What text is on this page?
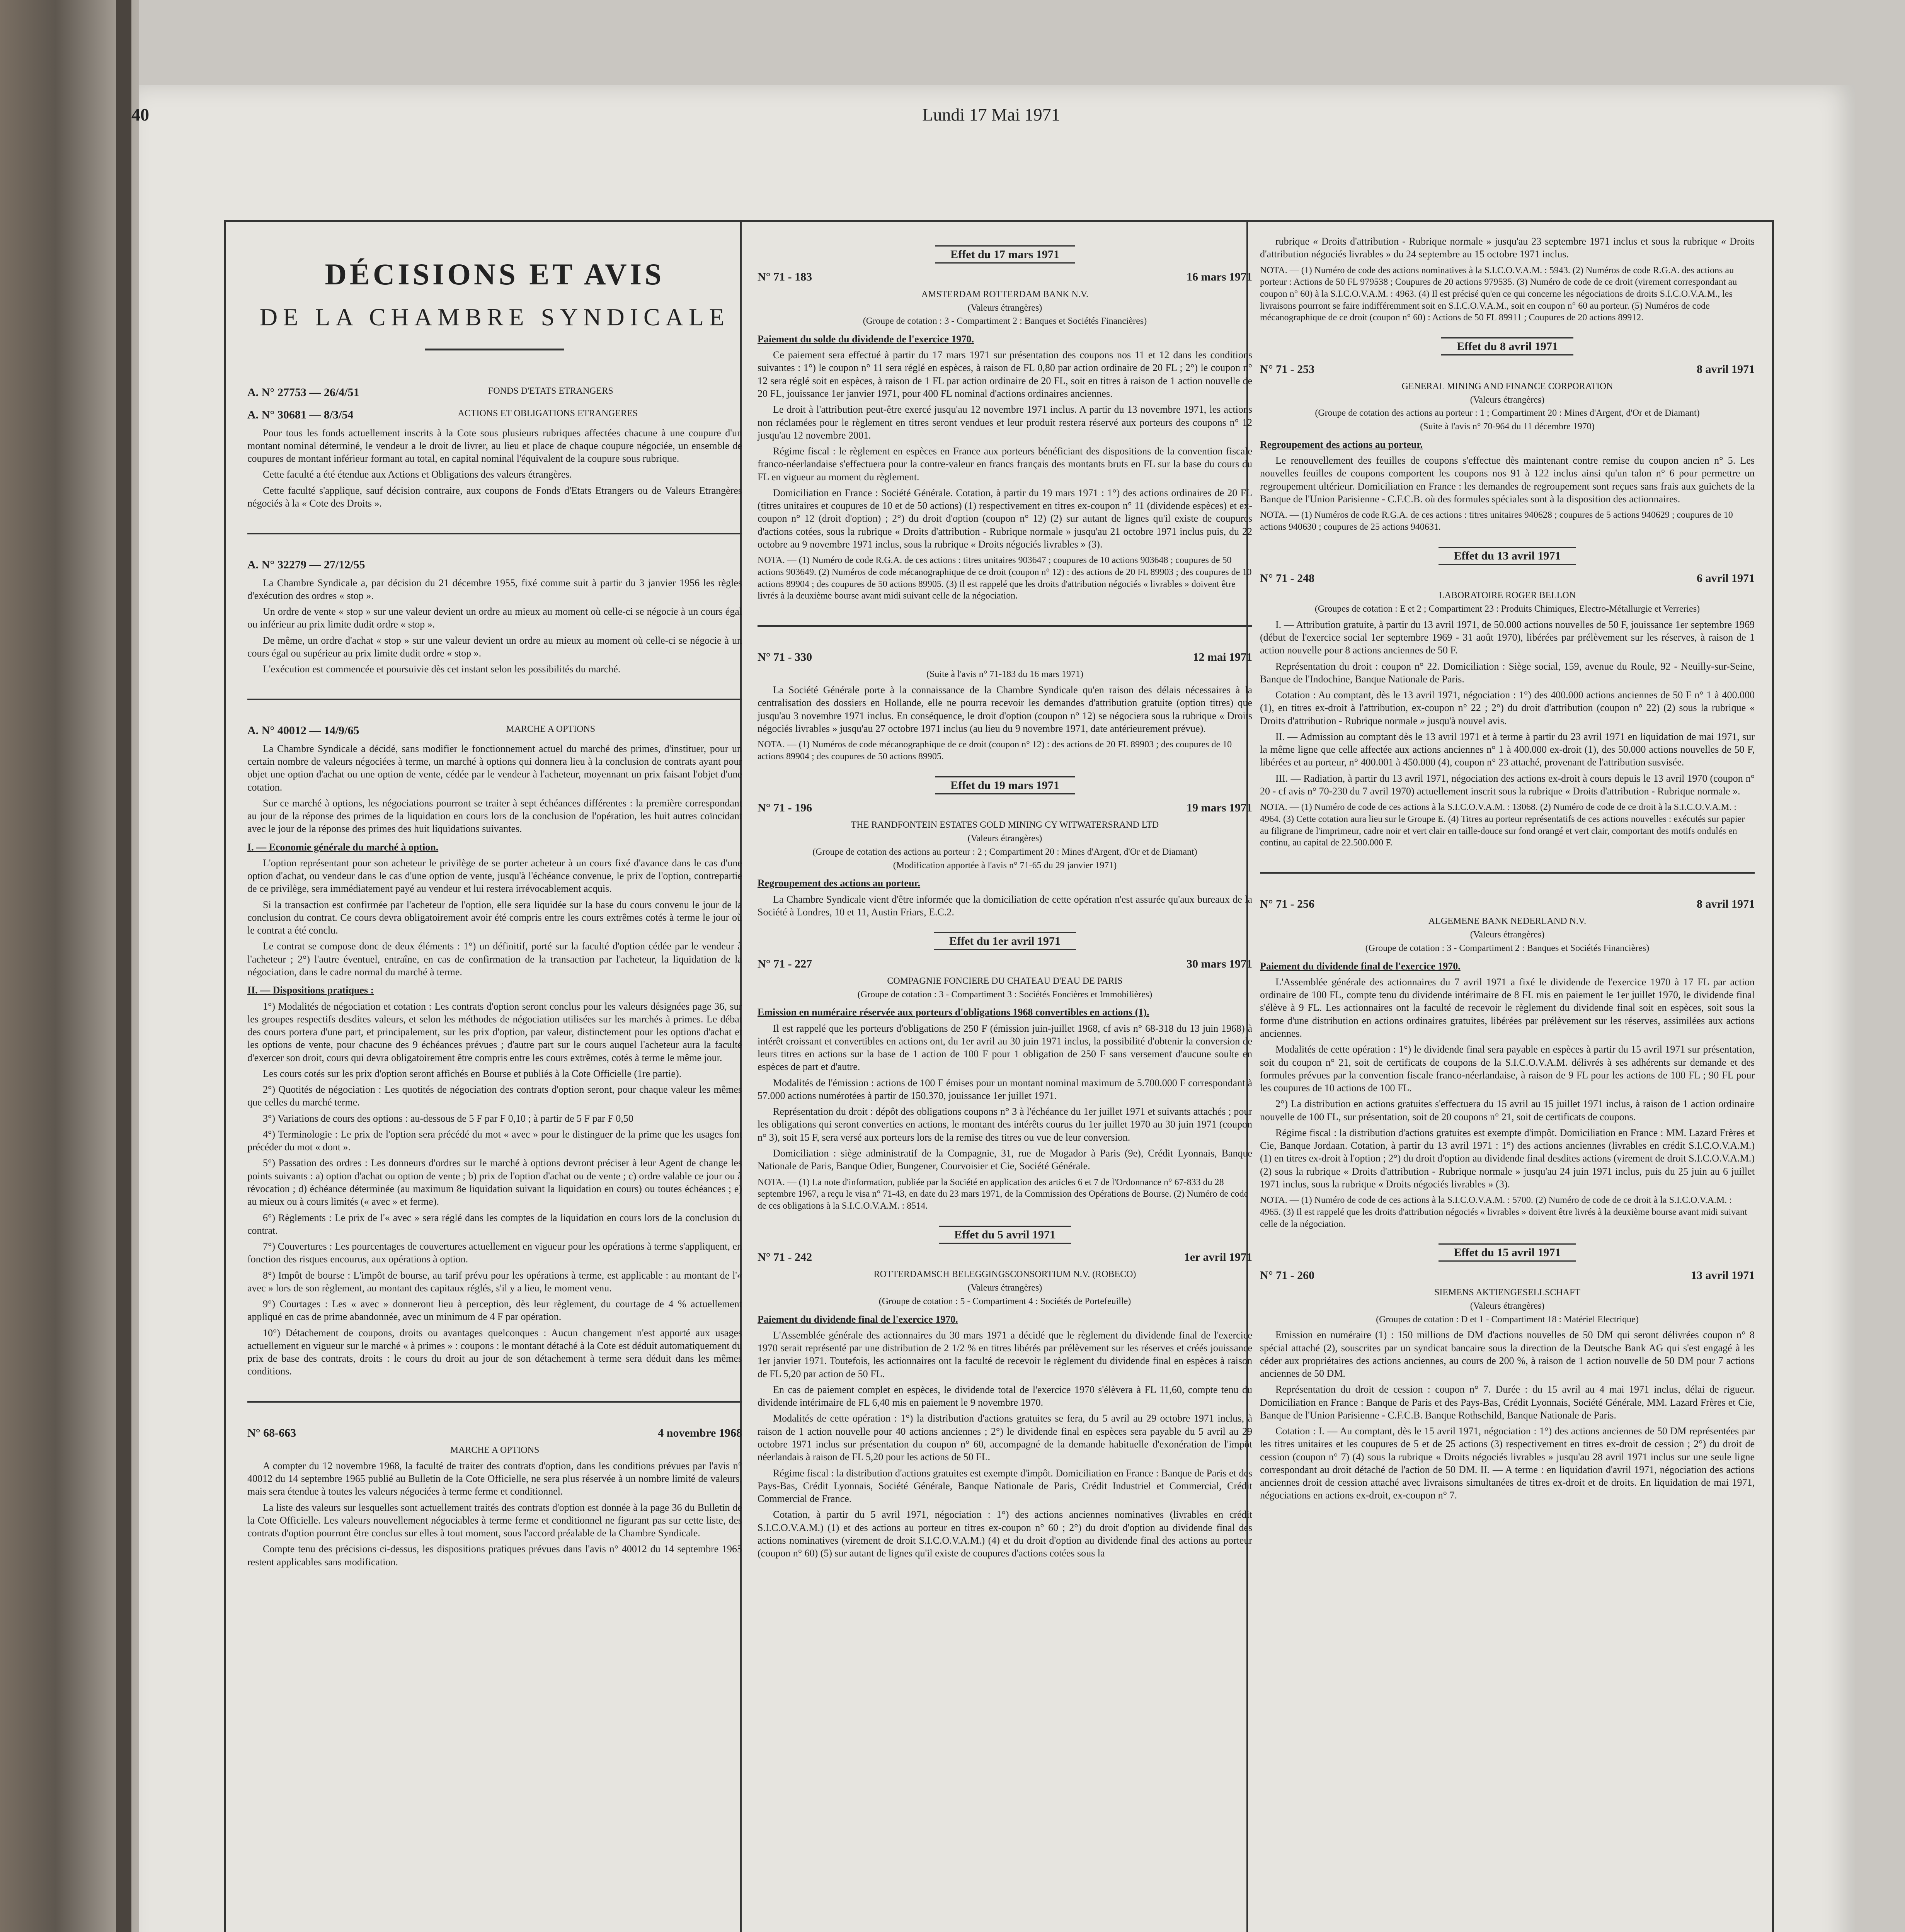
40	Lundi 17 Mai 1971
DÉCISIONS ET AVIS
DE LA CHAMBRE SYNDICALE
A. N° 27753 — 26/4/51	FONDS D'ETATS ETRANGERS
A. N° 30681 — 8/3/54	ACTIONS ET OBLIGATIONS ETRANGERES

Pour tous les fonds actuellement inscrits à la Cote sous plusieurs rubriques affectées chacune à une coupure d'un montant nominal déterminé, le vendeur a le droit de livrer, au lieu et place de chaque coupure négociée, un ensemble de coupures de montant inférieur formant au total, en capital nominal l'équivalent de la coupure sous rubrique.

Cette faculté a été étendue aux Actions et Obligations des valeurs étrangères.

Cette faculté s'applique, sauf décision contraire, aux coupons de Fonds d'Etats Etrangers ou de Valeurs Etrangères négociés à la « Cote des Droits ».

A. N° 32279 — 27/12/55

La Chambre Syndicale a, par décision du 21 décembre 1955, fixé comme suit à partir du 3 janvier 1956 les règles d'exécution des ordres « stop ».

Un ordre de vente « stop » sur une valeur devient un ordre au mieux au moment où celle-ci se négocie à un cours égal ou inférieur au prix limite dudit ordre « stop ».

De même, un ordre d'achat « stop » sur une valeur devient un ordre au mieux au moment où celle-ci se négocie à un cours égal ou supérieur au prix limite dudit ordre « stop ».

L'exécution est commencée et poursuivie dès cet instant selon les possibilités du marché.

A. N° 40012 — 14/9/65	MARCHE A OPTIONS

La Chambre Syndicale a décidé, sans modifier le fonctionnement actuel du marché des primes, d'instituer, pour un certain nombre de valeurs négociées à terme, un marché à options qui donnera lieu à la conclusion de contrats ayant pour objet une option d'achat ou une option de vente, cédée par le vendeur à l'acheteur, moyennant un prix faisant l'objet d'une cotation.

Sur ce marché à options, les négociations pourront se traiter à sept échéances différentes : la première correspondant au jour de la réponse des primes de la liquidation en cours lors de la conclusion de l'opération, les huit autres coïncidant avec le jour de la réponse des primes des huit liquidations suivantes.

I. — Economie générale du marché à option.

L'option représentant pour son acheteur le privilège de se porter acheteur à un cours fixé d'avance dans le cas d'une option d'achat, ou vendeur dans le cas d'une option de vente, jusqu'à l'échéance convenue, le prix de l'option, contrepartie de ce privilège, sera immédiatement payé au vendeur et lui restera irrévocablement acquis.

Si la transaction est confirmée par l'acheteur de l'option, elle sera liquidée sur la base du cours convenu le jour de la conclusion du contrat. Ce cours devra obligatoirement avoir été compris entre les cours extrêmes cotés à terme le jour où le contrat a été conclu.

Le contrat se compose donc de deux éléments : 1°) un définitif, porté sur la faculté d'option cédée par le vendeur à l'acheteur ; 2°) l'autre éventuel, entraîne, en cas de confirmation de la transaction par l'acheteur, la liquidation de la négociation, dans le cadre normal du marché à terme.

II. — Dispositions pratiques :

1°) Modalités de négociation et cotation : Les contrats d'option seront conclus pour les valeurs désignées page 36, sur les groupes respectifs desdites valeurs, et selon les méthodes de négociation utilisées sur les marchés à primes. Le débat des cours portera d'une part, et principalement, sur les prix d'option, par valeur, distinctement pour les options d'achat et les options de vente, pour chacune des 9 échéances prévues ; d'autre part sur le cours auquel l'acheteur aura la faculté d'exercer son droit, cours qui devra obligatoirement être compris entre les cours extrêmes, cotés à terme le même jour.

Les cours cotés sur les prix d'option seront affichés en Bourse et publiés à la Cote Officielle (1re partie).

2°) Quotités de négociation : Les quotités de négociation des contrats d'option seront, pour chaque valeur les mêmes que celles du marché terme.

3°) Variations de cours des options : au-dessous de 5 F par F 0,10 ; à partir de 5 F par F 0,50

4°) Terminologie : Le prix de l'option sera précédé du mot « avec » pour le distinguer de la prime que les usages font précéder du mot « dont ».

5°) Passation des ordres : Les donneurs d'ordres sur le marché à options devront préciser à leur Agent de change les points suivants : a) option d'achat ou option de vente ; b) prix de l'option d'achat ou de vente ; c) ordre valable ce jour ou à révocation ; d) échéance déterminée (au maximum 8e liquidation suivant la liquidation en cours) ou toutes échéances ; e) au mieux ou à cours limités (« avec » et ferme).

6°) Règlements : Le prix de l'« avec » sera réglé dans les comptes de la liquidation en cours lors de la conclusion du contrat.

7°) Couvertures : Les pourcentages de couvertures actuellement en vigueur pour les opérations à terme s'appliquent, en fonction des risques encourus, aux opérations à option.

8°) Impôt de bourse : L'impôt de bourse, au tarif prévu pour les opérations à terme, est applicable : au montant de l'« avec » lors de son règlement, au montant des capitaux réglés, s'il y a lieu, le moment venu.

9°) Courtages : Les « avec » donneront lieu à perception, dès leur règlement, du courtage de 4 % actuellement appliqué en cas de prime abandonnée, avec un minimum de 4 F par opération.

10°) Détachement de coupons, droits ou avantages quelconques : Aucun changement n'est apporté aux usages actuellement en vigueur sur le marché « à primes » : coupons : le montant détaché à la Cote est déduit automatiquement du prix de base des contrats, droits : le cours du droit au jour de son détachement à terme sera déduit dans les mêmes conditions.

N° 68-663	4 novembre 1968
MARCHE A OPTIONS

A compter du 12 novembre 1968, la faculté de traiter des contrats d'option, dans les conditions prévues par l'avis n° 40012 du 14 septembre 1965 publié au Bulletin de la Cote Officielle, ne sera plus réservée à un nombre limité de valeurs, mais sera étendue à toutes les valeurs négociées à terme ferme et conditionnel.

La liste des valeurs sur lesquelles sont actuellement traités des contrats d'option est donnée à la page 36 du Bulletin de la Cote Officielle. Les valeurs nouvellement négociables à terme ferme et conditionnel ne figurant pas sur cette liste, des contrats d'option pourront être conclus sur elles à tout moment, sous l'accord préalable de la Chambre Syndicale.

Compte tenu des précisions ci-dessus, les dispositions pratiques prévues dans l'avis n° 40012 du 14 septembre 1965 restent applicables sans modification.

Effet du 17 mars 1971
N° 71 - 183	16 mars 1971
AMSTERDAM ROTTERDAM BANK N.V.
(Valeurs étrangères)
(Groupe de cotation : 3 - Compartiment 2 : Banques et Sociétés Financières)
Paiement du solde du dividende de l'exercice 1970.

Ce paiement sera effectué à partir du 17 mars 1971 sur présentation des coupons nos 11 et 12 dans les conditions suivantes : 1°) le coupon n° 11 sera réglé en espèces, à raison de FL 0,80 par action ordinaire de 20 FL ; 2°) le coupon n° 12 sera réglé soit en espèces, à raison de 1 FL par action ordinaire de 20 FL, soit en titres à raison de 1 action nouvelle de 20 FL, jouissance 1er janvier 1971, pour 400 FL nominal d'actions ordinaires anciennes.

Le droit à l'attribution peut-être exercé jusqu'au 12 novembre 1971 inclus. A partir du 13 novembre 1971, les actions non réclamées pour le règlement en titres seront vendues et leur produit restera réservé aux porteurs des coupons n° 12 jusqu'au 12 novembre 2001.

Régime fiscal : le règlement en espèces en France aux porteurs bénéficiant des dispositions de la convention fiscale franco-néerlandaise s'effectuera pour la contre-valeur en francs français des montants bruts en FL sur la base du cours du FL en vigueur au moment du règlement.

Domiciliation en France : Société Générale. Cotation, à partir du 19 mars 1971 : 1°) des actions ordinaires de 20 FL (titres unitaires et coupures de 10 et de 50 actions) (1) respectivement en titres ex-coupon n° 11 (dividende espèces) et ex-coupon n° 12 (droit d'option) ; 2°) du droit d'option (coupon n° 12) (2) sur autant de lignes qu'il existe de coupures d'actions cotées, sous la rubrique « Droits d'attribution - Rubrique normale » jusqu'au 21 octobre 1971 inclus puis, du 22 octobre au 9 novembre 1971 inclus, sous la rubrique « Droits négociés livrables » (3).

NOTA. — (1) Numéro de code R.G.A. de ces actions : titres unitaires 903647 ; coupures de 10 actions 903648 ; coupures de 50 actions 903649. (2) Numéros de code mécanographique de ce droit (coupon n° 12) : des actions de 20 FL 89903 ; des coupures de 10 actions 89904 ; des coupures de 50 actions 89905. (3) Il est rappelé que les droits d'attribution négociés « livrables » doivent être livrés à la deuxième bourse avant midi suivant celle de la négociation.
N° 71 - 330	12 mai 1971
(Suite à l'avis n° 71-183 du 16 mars 1971)

La Société Générale porte à la connaissance de la Chambre Syndicale qu'en raison des délais nécessaires à la centralisation des dossiers en Hollande, elle ne pourra recevoir les demandes d'attribution gratuite (option titres) que jusqu'au 3 novembre 1971 inclus. En conséquence, le droit d'option (coupon n° 12) se négociera sous la rubrique « Droits négociés livrables » jusqu'au 27 octobre 1971 inclus (au lieu du 9 novembre 1971, date antérieurement prévue).

NOTA. — (1) Numéros de code mécanographique de ce droit (coupon n° 12) : des actions de 20 FL 89903 ; des coupures de 10 actions 89904 ; des coupures de 50 actions 89905.
Effet du 19 mars 1971
N° 71 - 196	19 mars 1971
THE RANDFONTEIN ESTATES GOLD MINING CY WITWATERSRAND LTD
(Valeurs étrangères)
(Groupe de cotation des actions au porteur : 2 ; Compartiment 20 : Mines d'Argent, d'Or et de Diamant)
(Modification apportée à l'avis n° 71-65 du 29 janvier 1971)
Regroupement des actions au porteur.

La Chambre Syndicale vient d'être informée que la domiciliation de cette opération n'est assurée qu'aux bureaux de la Société à Londres, 10 et 11, Austin Friars, E.C.2.

Effet du 1er avril 1971
N° 71 - 227	30 mars 1971
COMPAGNIE FONCIERE DU CHATEAU D'EAU DE PARIS
(Groupe de cotation : 3 - Compartiment 3 : Sociétés Foncières et Immobilières)
Emission en numéraire réservée aux porteurs d'obligations 1968 convertibles en actions (1).

Il est rappelé que les porteurs d'obligations de 250 F (émission juin-juillet 1968, cf avis n° 68-318 du 13 juin 1968) à intérêt croissant et convertibles en actions ont, du 1er avril au 30 juin 1971 inclus, la possibilité d'obtenir la conversion de leurs titres en actions sur la base de 1 action de 100 F pour 1 obligation de 250 F sans versement d'aucune soulte en espèces de part et d'autre.

Modalités de l'émission : actions de 100 F émises pour un montant nominal maximum de 5.700.000 F correspondant à 57.000 actions numérotées à partir de 150.370, jouissance 1er juillet 1971.

Représentation du droit : dépôt des obligations coupons n° 3 à l'échéance du 1er juillet 1971 et suivants attachés ; pour les obligations qui seront converties en actions, le montant des intérêts courus du 1er juillet 1970 au 30 juin 1971 (coupon n° 3), soit 15 F, sera versé aux porteurs lors de la remise des titres ou vue de leur conversion.

Domiciliation : siège administratif de la Compagnie, 31, rue de Mogador à Paris (9e), Crédit Lyonnais, Banque Nationale de Paris, Banque Odier, Bungener, Courvoisier et Cie, Société Générale.

NOTA. — (1) La note d'information, publiée par la Société en application des articles 6 et 7 de l'Ordonnance n° 67-833 du 28 septembre 1967, a reçu le visa n° 71-43, en date du 23 mars 1971, de la Commission des Opérations de Bourse. (2) Numéro de code de ces obligations à la S.I.C.O.V.A.M. : 8514.
Effet du 5 avril 1971
N° 71 - 242	1er avril 1971
ROTTERDAMSCH BELEGGINGSCONSORTIUM N.V. (ROBECO)
(Valeurs étrangères)
(Groupe de cotation : 5 - Compartiment 4 : Sociétés de Portefeuille)
Paiement du dividende final de l'exercice 1970.

L'Assemblée générale des actionnaires du 30 mars 1971 a décidé que le règlement du dividende final de l'exercice 1970 serait représenté par une distribution de 2 1/2 % en titres libérés par prélèvement sur les réserves et créés jouissance 1er janvier 1971. Toutefois, les actionnaires ont la faculté de recevoir le règlement du dividende final en espèces à raison de FL 5,20 par action de 50 FL.

En cas de paiement complet en espèces, le dividende total de l'exercice 1970 s'élèvera à FL 11,60, compte tenu du dividende intérimaire de FL 6,40 mis en paiement le 9 novembre 1970.

Modalités de cette opération : 1°) la distribution d'actions gratuites se fera, du 5 avril au 29 octobre 1971 inclus, à raison de 1 action nouvelle pour 40 actions anciennes ; 2°) le dividende final en espèces sera payable du 5 avril au 29 octobre 1971 inclus sur présentation du coupon n° 60, accompagné de la demande habituelle d'exonération de l'impôt néerlandais à raison de FL 5,20 pour les actions de 50 FL.

Régime fiscal : la distribution d'actions gratuites est exempte d'impôt. Domiciliation en France : Banque de Paris et des Pays-Bas, Crédit Lyonnais, Société Générale, Banque Nationale de Paris, Crédit Industriel et Commercial, Crédit Commercial de France.

Cotation, à partir du 5 avril 1971, négociation : 1°) des actions anciennes nominatives (livrables en crédit S.I.C.O.V.A.M.) (1) et des actions au porteur en titres ex-coupon n° 60 ; 2°) du droit d'option au dividende final des actions nominatives (virement de droit S.I.C.O.V.A.M.) (4) et du droit d'option au dividende final des actions au porteur (coupon n° 60) (5) sur autant de lignes qu'il existe de coupures d'actions cotées sous la

rubrique « Droits d'attribution - Rubrique normale » jusqu'au 23 septembre 1971 inclus et sous la rubrique « Droits d'attribution négociés livrables » du 24 septembre au 15 octobre 1971 inclus.

NOTA. — (1) Numéro de code des actions nominatives à la S.I.C.O.V.A.M. : 5943. (2) Numéros de code R.G.A. des actions au porteur : Actions de 50 FL 979538 ; Coupures de 20 actions 979535. (3) Numéro de code de ce droit (virement correspondant au coupon n° 60) à la S.I.C.O.V.A.M. : 4963. (4) Il est précisé qu'en ce qui concerne les négociations de droits S.I.C.O.V.A.M., les livraisons pourront se faire indifféremment soit en S.I.C.O.V.A.M., soit en coupon n° 60 au porteur. (5) Numéros de code mécanographique de ce droit (coupon n° 60) : Actions de 50 FL 89911 ; Coupures de 20 actions 89912.
Effet du 8 avril 1971
N° 71 - 253	8 avril 1971
GENERAL MINING AND FINANCE CORPORATION
(Valeurs étrangères)
(Groupe de cotation des actions au porteur : 1 ; Compartiment 20 : Mines d'Argent, d'Or et de Diamant)
(Suite à l'avis n° 70-964 du 11 décembre 1970)
Regroupement des actions au porteur.

Le renouvellement des feuilles de coupons s'effectue dès maintenant contre remise du coupon ancien n° 5. Les nouvelles feuilles de coupons comportent les coupons nos 91 à 122 inclus ainsi qu'un talon n° 6 pour permettre un regroupement ultérieur. Domiciliation en France : les demandes de regroupement sont reçues sans frais aux guichets de la Banque de l'Union Parisienne - C.F.C.B. où des formules spéciales sont à la disposition des actionnaires.

NOTA. — (1) Numéros de code R.G.A. de ces actions : titres unitaires 940628 ; coupures de 5 actions 940629 ; coupures de 10 actions 940630 ; coupures de 25 actions 940631.
Effet du 13 avril 1971
N° 71 - 248	6 avril 1971
LABORATOIRE ROGER BELLON
(Groupes de cotation : E et 2 ; Compartiment 23 : Produits Chimiques, Electro-Métallurgie et Verreries)

I. — Attribution gratuite, à partir du 13 avril 1971, de 50.000 actions nouvelles de 50 F, jouissance 1er septembre 1969 (début de l'exercice social 1er septembre 1969 - 31 août 1970), libérées par prélèvement sur les réserves, à raison de 1 action nouvelle pour 8 actions anciennes de 50 F.

Représentation du droit : coupon n° 22. Domiciliation : Siège social, 159, avenue du Roule, 92 - Neuilly-sur-Seine, Banque de l'Indochine, Banque Nationale de Paris.

Cotation : Au comptant, dès le 13 avril 1971, négociation : 1°) des 400.000 actions anciennes de 50 F n° 1 à 400.000 (1), en titres ex-droit à l'attribution, ex-coupon n° 22 ; 2°) du droit d'attribution (coupon n° 22) (2) sous la rubrique « Droits d'attribution - Rubrique normale » jusqu'à nouvel avis.

II. — Admission au comptant dès le 13 avril 1971 et à terme à partir du 23 avril 1971 en liquidation de mai 1971, sur la même ligne que celle affectée aux actions anciennes n° 1 à 400.000 ex-droit (1), des 50.000 actions nouvelles de 50 F, libérées et au porteur, n° 400.001 à 450.000 (4), coupon n° 23 attaché, provenant de l'attribution susvisée.

III. — Radiation, à partir du 13 avril 1971, négociation des actions ex-droit à cours depuis le 13 avril 1970 (coupon n° 20 - cf avis n° 70-230 du 7 avril 1970) actuellement inscrit sous la rubrique « Droits d'attribution - Rubrique normale ».

NOTA. — (1) Numéro de code de ces actions à la S.I.C.O.V.A.M. : 13068. (2) Numéro de code de ce droit à la S.I.C.O.V.A.M. : 4964. (3) Cette cotation aura lieu sur le Groupe E. (4) Titres au porteur représentatifs de ces actions nouvelles : exécutés sur papier au filigrane de l'imprimeur, cadre noir et vert clair en taille-douce sur fond orangé et vert clair, comportant des motifs ondulés en continu, au capital de 22.500.000 F.
N° 71 - 256	8 avril 1971
ALGEMENE BANK NEDERLAND N.V.
(Valeurs étrangères)
(Groupe de cotation : 3 - Compartiment 2 : Banques et Sociétés Financières)
Paiement du dividende final de l'exercice 1970.

L'Assemblée générale des actionnaires du 7 avril 1971 a fixé le dividende de l'exercice 1970 à 17 FL par action ordinaire de 100 FL, compte tenu du dividende intérimaire de 8 FL mis en paiement le 1er juillet 1970, le dividende final s'élève à 9 FL. Les actionnaires ont la faculté de recevoir le règlement du dividende final soit en espèces, soit sous la forme d'une distribution en actions ordinaires gratuites, libérées par prélèvement sur les réserves, assimilées aux actions anciennes.

Modalités de cette opération : 1°) le dividende final sera payable en espèces à partir du 15 avril 1971 sur présentation, soit du coupon n° 21, soit de certificats de coupons de la S.I.C.O.V.A.M. délivrés à ses adhérents sur demande et des formules prévues par la convention fiscale franco-néerlandaise, à raison de 9 FL pour les actions de 100 FL ; 90 FL pour les coupures de 10 actions de 100 FL.

2°) La distribution en actions gratuites s'effectuera du 15 avril au 15 juillet 1971 inclus, à raison de 1 action ordinaire nouvelle de 100 FL, sur présentation, soit de 20 coupons n° 21, soit de certificats de coupons.

Régime fiscal : la distribution d'actions gratuites est exempte d'impôt. Domiciliation en France : MM. Lazard Frères et Cie, Banque Jordaan. Cotation, à partir du 13 avril 1971 : 1°) des actions anciennes (livrables en crédit S.I.C.O.V.A.M.) (1) en titres ex-droit à l'option ; 2°) du droit d'option au dividende final desdites actions (virement de droit S.I.C.O.V.A.M.) (2) sous la rubrique « Droits d'attribution - Rubrique normale » jusqu'au 24 juin 1971 inclus, puis du 25 juin au 6 juillet 1971 inclus, sous la rubrique « Droits négociés livrables » (3).

NOTA. — (1) Numéro de code de ces actions à la S.I.C.O.V.A.M. : 5700. (2) Numéro de code de ce droit à la S.I.C.O.V.A.M. : 4965. (3) Il est rappelé que les droits d'attribution négociés « livrables » doivent être livrés à la deuxième bourse avant midi suivant celle de la négociation.
Effet du 15 avril 1971
N° 71 - 260	13 avril 1971
SIEMENS AKTIENGESELLSCHAFT
(Valeurs étrangères)
(Groupes de cotation : D et 1 - Compartiment 18 : Matériel Electrique)

Emission en numéraire (1) : 150 millions de DM d'actions nouvelles de 50 DM qui seront délivrées coupon n° 8 spécial attaché (2), souscrites par un syndicat bancaire sous la direction de la Deutsche Bank AG qui s'est engagé à les céder aux propriétaires des actions anciennes, au cours de 200 %, à raison de 1 action nouvelle de 50 DM pour 7 actions anciennes de 50 DM.

Représentation du droit de cession : coupon n° 7. Durée : du 15 avril au 4 mai 1971 inclus, délai de rigueur. Domiciliation en France : Banque de Paris et des Pays-Bas, Crédit Lyonnais, Société Générale, MM. Lazard Frères et Cie, Banque de l'Union Parisienne - C.F.C.B. Banque Rothschild, Banque Nationale de Paris.

Cotation : I. — Au comptant, dès le 15 avril 1971, négociation : 1°) des actions anciennes de 50 DM représentées par les titres unitaires et les coupures de 5 et de 25 actions (3) respectivement en titres ex-droit de cession ; 2°) du droit de cession (coupon n° 7) (4) sous la rubrique « Droits négociés livrables » jusqu'au 28 avril 1971 inclus sur une seule ligne correspondant au droit détaché de l'action de 50 DM. II. — A terme : en liquidation d'avril 1971, négociation des actions anciennes droit de cession attaché avec livraisons simultanées de titres ex-droit et de droits. En liquidation de mai 1971, négociations en actions ex-droit, ex-coupon n° 7.
